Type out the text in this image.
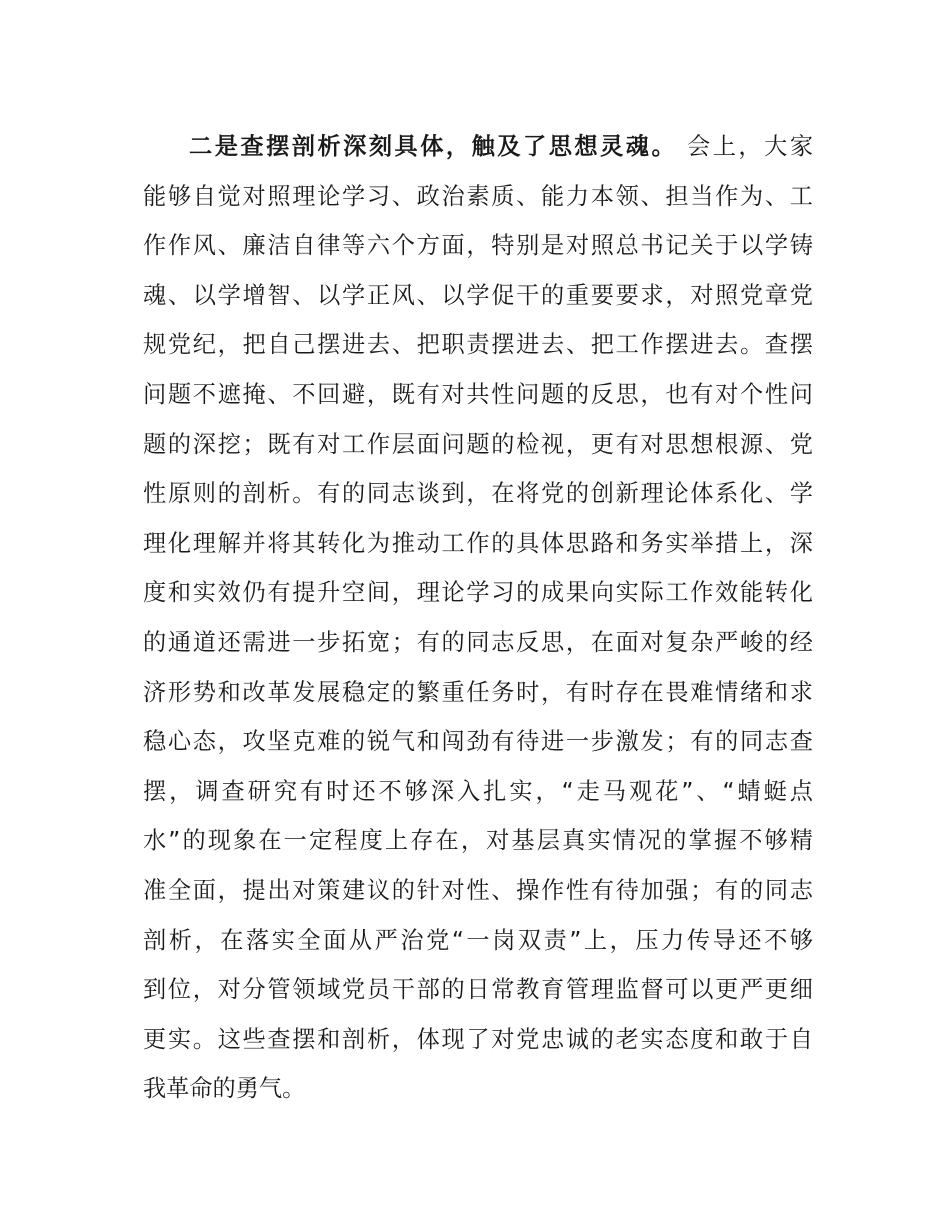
二是查摆剖析深刻具体，触及了思想灵魂。 会上，大家
能够自觉对照理论学习、政治素质、能力本领、担当作为、工
作作风、廉洁自律等六个方面，特别是对照总书记关于以学铸
魂、以学增智、以学正风、以学促干的重要要求，对照党章党
规党纪，把自己摆进去、把职责摆进去、把工作摆进去。查摆
问题不遮掩、不回避，既有对共性问题的反思，也有对个性问
题的深挖；既有对工作层面问题的检视，更有对思想根源、党
性原则的剖析。有的同志谈到，在将党的创新理论体系化、学
理化理解并将其转化为推动工作的具体思路和务实举措上，深
度和实效仍有提升空间，理论学习的成果向实际工作效能转化
的通道还需进一步拓宽；有的同志反思，在面对复杂严峻的经
济形势和改革发展稳定的繁重任务时，有时存在畏难情绪和求
稳心态，攻坚克难的锐气和闯劲有待进一步激发；有的同志查
摆，调查研究有时还不够深入扎实，“走马观花”、“蜻蜓点
水”的现象在一定程度上存在，对基层真实情况的掌握不够精
准全面，提出对策建议的针对性、操作性有待加强；有的同志
剖析，在落实全面从严治党“一岗双责”上，压力传导还不够
到位，对分管领域党员干部的日常教育管理监督可以更严更细
更实。这些查摆和剖析，体现了对党忠诚的老实态度和敢于自
我革命的勇气。
